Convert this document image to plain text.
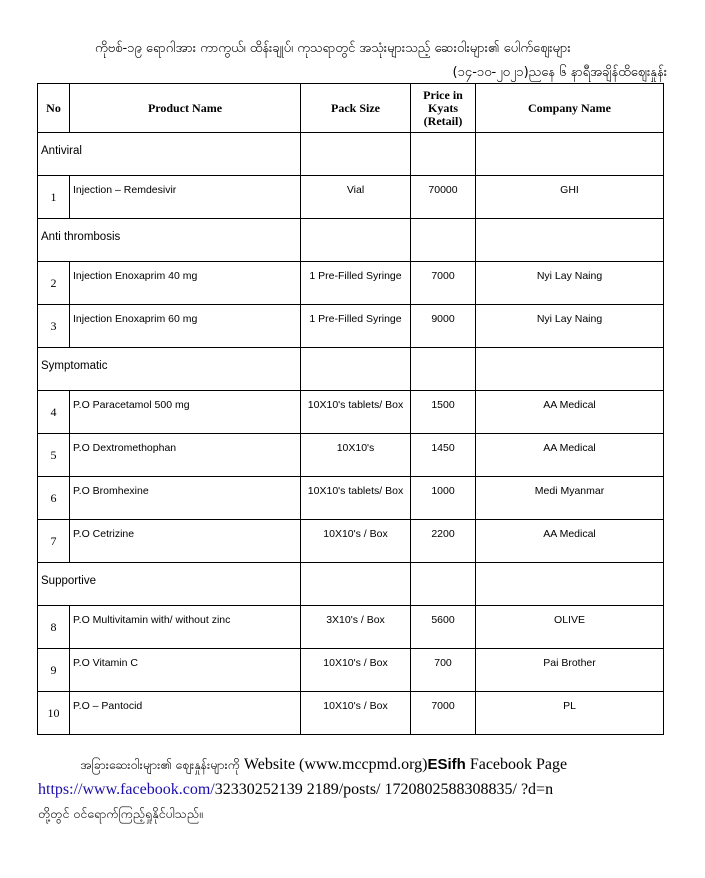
ကိုဗစ်-၁၉ ရောဂါအား ကာကွယ်၊ ထိန်းချုပ်၊ ကုသရာတွင် အသုံးများသည့် ဆေးဝါးများ၏ ပေါက်ဈေးများ
(၁၄-၁၀-၂၀၂၁)ညနေ ၆ နာရီအချိန်ထိဈေးနှုန်း
No	Product Name	Pack Size	Price in Kyats (Retail)	Company Name
Antiviral				
1	Injection – Remdesivir	Vial	70000	GHI
Anti thrombosis				
2	Injection Enoxaprim 40 mg	1 Pre-Filled Syringe	7000	Nyi Lay Naing
3	Injection Enoxaprim 60 mg	1 Pre-Filled Syringe	9000	Nyi Lay Naing
Symptomatic				
4	P.O Paracetamol 500 mg	10X10's tablets/ Box	1500	AA Medical
5	P.O Dextromethophan	10X10's	1450	AA Medical
6	P.O Bromhexine	10X10's tablets/ Box	1000	Medi Myanmar
7	P.O Cetrizine	10X10's / Box	2200	AA Medical
Supportive				
8	P.O Multivitamin with/ without zinc	3X10's / Box	5600	OLIVE
9	P.O Vitamin C	10X10's / Box	700	Pai Brother
10	P.O – Pantocid	10X10's / Box	7000	PL
အခြားဆေးဝါးများ၏ ဈေးနှုန်းများကို Website (www.mccpmd.org)ESifh Facebook Page
https://www.facebook.com/32330252139 2189/posts/ 1720802588308835/ ?d=n
တို့တွင် ဝင်ရောက်ကြည့်ရှုနိုင်ပါသည်။
